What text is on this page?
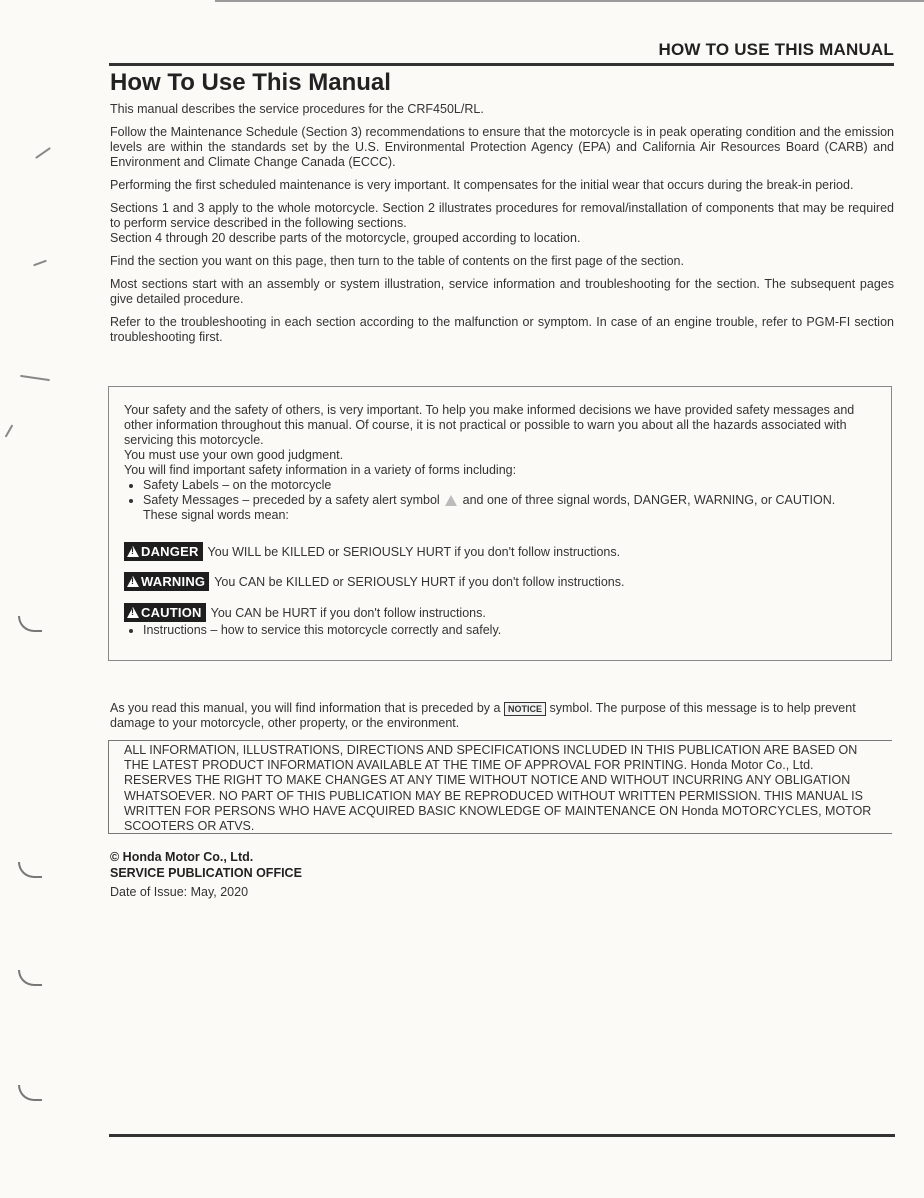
HOW TO USE THIS MANUAL
How To Use This Manual

This manual describes the service procedures for the CRF450L/RL.

Follow the Maintenance Schedule (Section 3) recommendations to ensure that the motorcycle is in peak operating condition and the emission levels are within the standards set by the U.S. Environmental Protection Agency (EPA) and California Air Resources Board (CARB) and Environment and Climate Change Canada (ECCC).

Performing the first scheduled maintenance is very important. It compensates for the initial wear that occurs during the break-in period.

Sections 1 and 3 apply to the whole motorcycle. Section 2 illustrates procedures for removal/installation of components that may be required to perform service described in the following sections.

Section 4 through 20 describe parts of the motorcycle, grouped according to location.

Find the section you want on this page, then turn to the table of contents on the first page of the section.

Most sections start with an assembly or system illustration, service information and troubleshooting for the section. The subsequent pages give detailed procedure.

Refer to the troubleshooting in each section according to the malfunction or symptom. In case of an engine trouble, refer to PGM-FI section troubleshooting first.

Your safety and the safety of others, is very important. To help you make informed decisions we have provided safety messages and other information throughout this manual. Of course, it is not practical or possible to warn you about all the hazards associated with servicing this motorcycle.

You must use your own good judgment.

You will find important safety information in a variety of forms including:

• Safety Labels – on the motorcycle
• Safety Messages – preceded by a safety alert symbol and one of three signal words, DANGER, WARNING, or CAUTION.

These signal words mean:

!
DANGER You WILL be KILLED or SERIOUSLY HURT if you don't follow instructions.
!
WARNING You CAN be KILLED or SERIOUSLY HURT if you don't follow instructions.
!
CAUTION You CAN be HURT if you don't follow instructions.
• Instructions – how to service this motorcycle correctly and safely.
As you read this manual, you will find information that is preceded by a NOTICE symbol. The purpose of this message is to help prevent damage to your motorcycle, other property, or the environment.
ALL INFORMATION, ILLUSTRATIONS, DIRECTIONS AND SPECIFICATIONS INCLUDED IN THIS PUBLICATION ARE BASED ON THE LATEST PRODUCT INFORMATION AVAILABLE AT THE TIME OF APPROVAL FOR PRINTING. Honda Motor Co., Ltd. RESERVES THE RIGHT TO MAKE CHANGES AT ANY TIME WITHOUT NOTICE AND WITHOUT INCURRING ANY OBLIGATION WHATSOEVER. NO PART OF THIS PUBLICATION MAY BE REPRODUCED WITHOUT WRITTEN PERMISSION. THIS MANUAL IS WRITTEN FOR PERSONS WHO HAVE ACQUIRED BASIC KNOWLEDGE OF MAINTENANCE ON Honda MOTORCYCLES, MOTOR SCOOTERS OR ATVS.
© Honda Motor Co., Ltd.
SERVICE PUBLICATION OFFICE
Date of Issue: May, 2020
